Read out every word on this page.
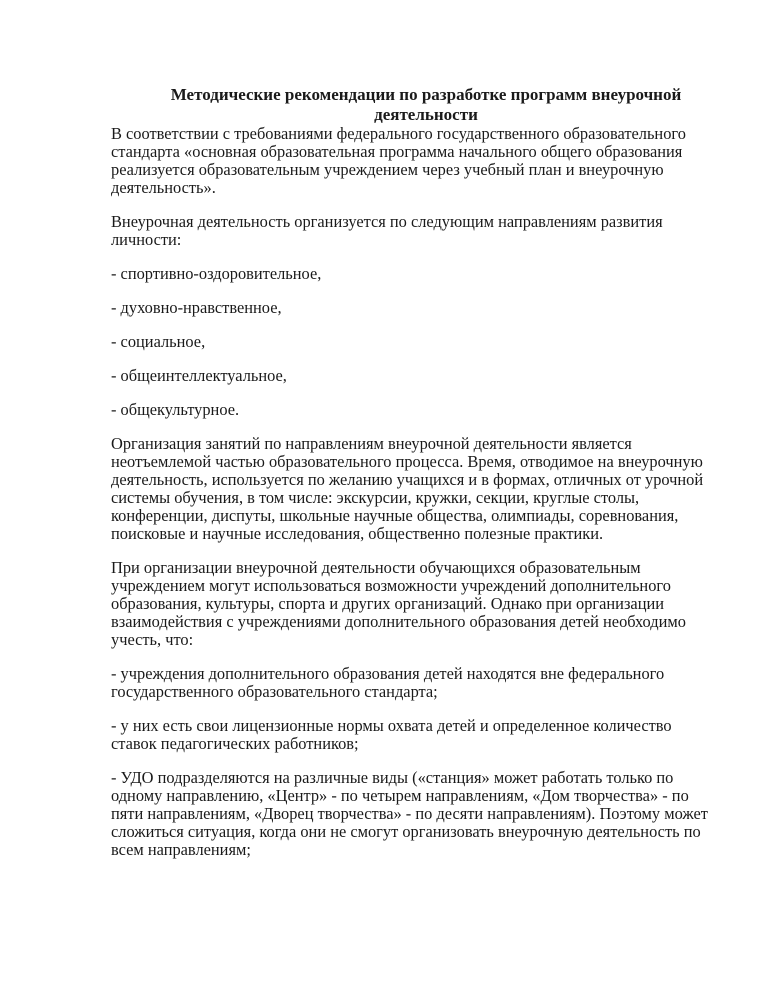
Методические рекомендации по разработке программ внеурочной деятельности

В соответствии с требованиями федерального государственного образовательного стандарта «основная образовательная программа начального общего образования реализуется образовательным учреждением через учебный план и внеурочную деятельность».

Внеурочная деятельность организуется по следующим направлениям развития личности:

- спортивно-оздоровительное,

- духовно-нравственное,

- социальное,

- общеинтеллектуальное,

- общекультурное.

Организация занятий по направлениям внеурочной деятельности является неотъемлемой частью образовательного процесса. Время, отводимое на внеурочную деятельность, используется по желанию учащихся и в формах, отличных от урочной системы обучения, в том числе: экскурсии, кружки, секции, круглые столы, конференции, диспуты, школьные научные общества, олимпиады, соревнования, поисковые и научные исследования, общественно полезные практики.

При организации внеурочной деятельности обучающихся образовательным учреждением могут использоваться возможности учреждений дополнительного образования, культуры, спорта и других организаций. Однако при организации взаимодействия с учреждениями дополнительного образования детей необходимо учесть, что:

- учреждения дополнительного образования детей находятся вне федерального государственного образовательного стандарта;

- у них есть свои лицензионные нормы охвата детей и определенное количество ставок педагогических работников;

- УДО подразделяются на различные виды («станция» может работать только по одному направлению, «Центр» - по четырем направлениям, «Дом творчества» - по пяти направлениям, «Дворец творчества» - по десяти направлениям). Поэтому может сложиться ситуация, когда они не смогут организовать внеурочную деятельность по всем направлениям;
